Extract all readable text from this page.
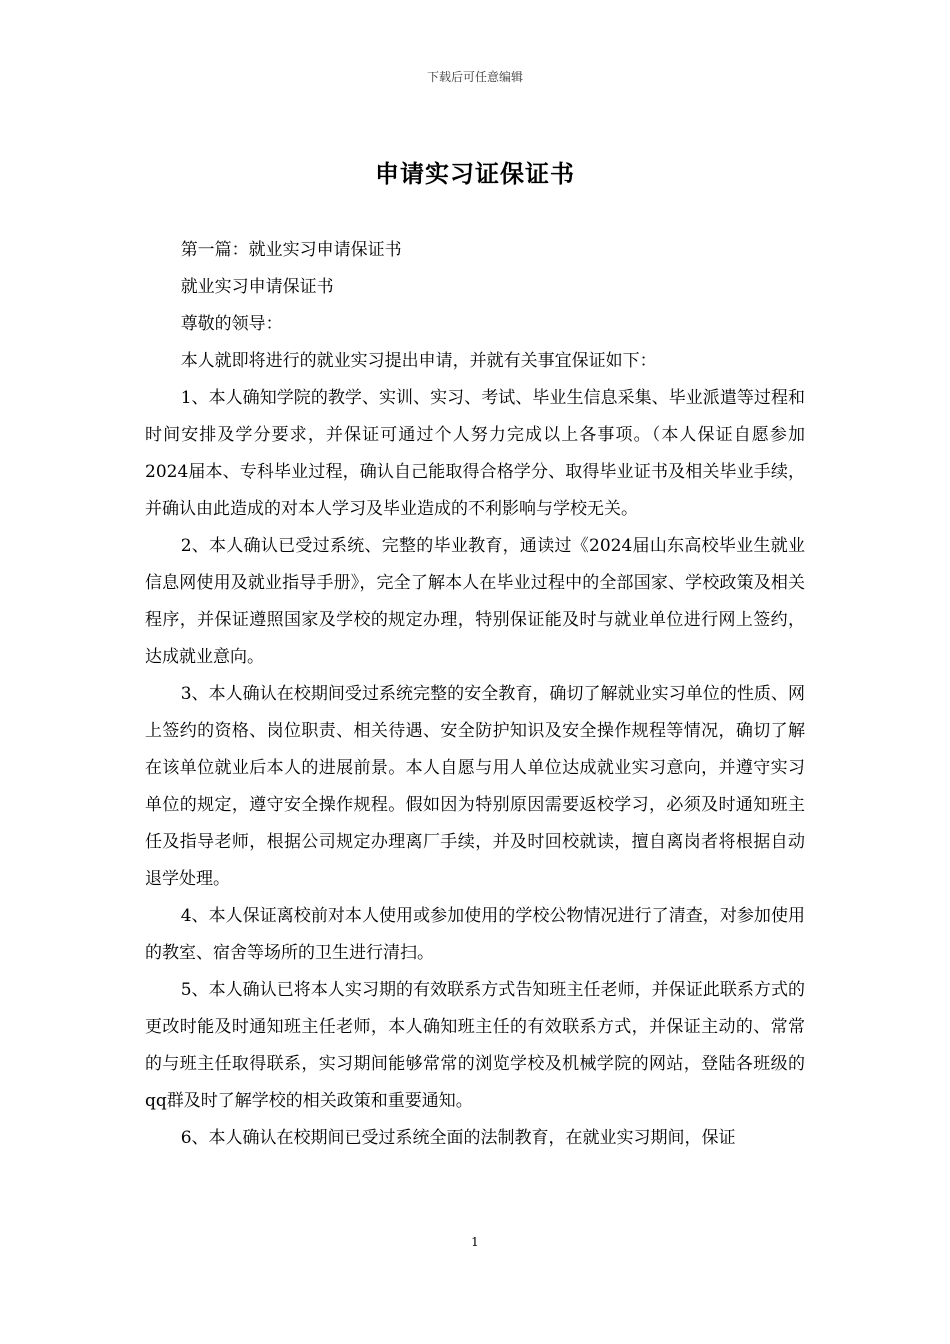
下载后可任意编辑
申请实习证保证书

第一篇：就业实习申请保证书

就业实习申请保证书

尊敬的领导：

本人就即将进行的就业实习提出申请，并就有关事宜保证如下：

1、本人确知学院的教学、实训、实习、考试、毕业生信息采集、毕业派遣等过程和时间安排及学分要求，并保证可通过个人努力完成以上各事项。（本人保证自愿参加2024届本、专科毕业过程，确认自己能取得合格学分、取得毕业证书及相关毕业手续，并确认由此造成的对本人学习及毕业造成的不利影响与学校无关。

2、本人确认已受过系统、完整的毕业教育，通读过《2024届山东高校毕业生就业信息网使用及就业指导手册》，完全了解本人在毕业过程中的全部国家、学校政策及相关程序，并保证遵照国家及学校的规定办理，特别保证能及时与就业单位进行网上签约，达成就业意向。

3、本人确认在校期间受过系统完整的安全教育，确切了解就业实习单位的性质、网上签约的资格、岗位职责、相关待遇、安全防护知识及安全操作规程等情况，确切了解在该单位就业后本人的进展前景。本人自愿与用人单位达成就业实习意向，并遵守实习单位的规定，遵守安全操作规程。假如因为特别原因需要返校学习，必须及时通知班主任及指导老师，根据公司规定办理离厂手续，并及时回校就读，擅自离岗者将根据自动退学处理。

4、本人保证离校前对本人使用或参加使用的学校公物情况进行了清查，对参加使用的教室、宿舍等场所的卫生进行清扫。

5、本人确认已将本人实习期的有效联系方式告知班主任老师，并保证此联系方式的更改时能及时通知班主任老师，本人确知班主任的有效联系方式，并保证主动的、常常的与班主任取得联系，实习期间能够常常的浏览学校及机械学院的网站，登陆各班级的qq群及时了解学校的相关政策和重要通知。

6、本人确认在校期间已受过系统全面的法制教育，在就业实习期间，保证

1
